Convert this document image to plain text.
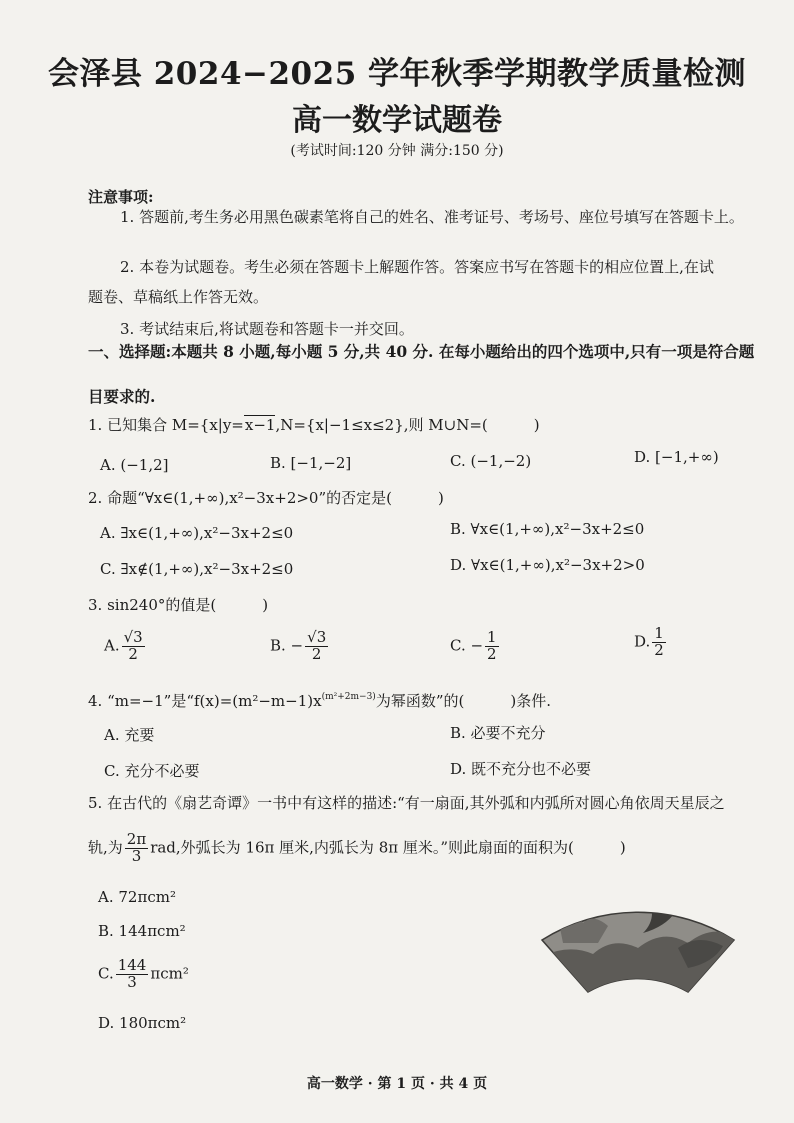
会泽县 2024−2025 学年秋季学期教学质量检测
高一数学试题卷
(考试时间:120 分钟 满分:150 分)
注意事项:
1. 答题前,考生务必用黑色碳素笔将自己的姓名、准考证号、考场号、座位号填写在答题卡上。
2. 本卷为试题卷。考生必须在答题卡上解题作答。答案应书写在答题卡的相应位置上,在试
题卷、草稿纸上作答无效。
3. 考试结束后,将试题卷和答题卡一并交回。
一、选择题:本题共 8 小题,每小题 5 分,共 40 分. 在每小题给出的四个选项中,只有一项是符合题
目要求的.
1. 已知集合 M={x|y=x−1,N={x|−1≤x≤2},则 M∪N=(	)
A. (−1,2]	B. [−1,−2]	C. (−1,−2)	D. [−1,+∞)
2. 命题“∀x∈(1,+∞),x²−3x+2>0”的否定是(	)
A. ∃x∈(1,+∞),x²−3x+2≤0	B. ∀x∈(1,+∞),x²−3x+2≤0
C. ∃x∉(1,+∞),x²−3x+2≤0	D. ∀x∈(1,+∞),x²−3x+2>0
3. sin240°的值是(	)
A. $\frac{√3}{2}$	B. − $\frac{√3}{2}$	C. − $\frac{1}{2}$	D. $\frac{1}{2}$
4. “m=−1”是“$f(x)=(m^2-m-1)x^{(m^2+2m-3)}$为幂函数”的(	)条件.
A. 充要	B. 必要不充分
C. 充分不必要	D. 既不充分也不必要
5. 在古代的《扇艺奇谭》一书中有这样的描述:“有一扇面,其外弧和内弧所对圆心角依周天星辰之
轨,为 $\frac{2\pi}{3}$ rad,外弧长为 16π 厘米,内弧长为 8π 厘米。”则此扇面的面积为(	)
A. 72πcm²
B. 144πcm²
C. $\frac{144}{3} \pi cm^2$
D. 180πcm²
高一数学 · 第 1 页 · 共 4 页
